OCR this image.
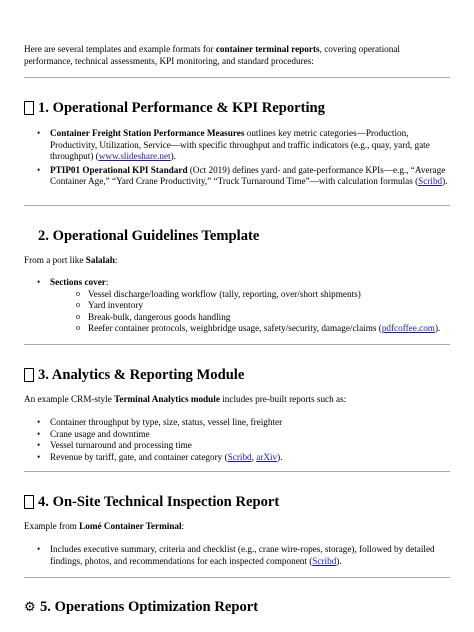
Here are several templates and example formats for container terminal reports, covering operational performance, technical assessments, KPI monitoring, and standard procedures:

1. Operational Performance & KPI Reporting
• Container Freight Station Performance Measures outlines key metric categories—Production, Productivity, Utilization, Service—with specific throughput and traffic indicators (e.g., quay, yard, gate throughput) (www.slideshare.net).
• PTIP01 Operational KPI Standard (Oct 2019) defines yard- and gate-performance KPIs—e.g., “Average Container Age,” “Yard Crane Productivity,” “Truck Turnaround Time”—with calculation formulas (Scribd).
2. Operational Guidelines Template

From a port like Salalah:

• Sections cover:
o Vessel discharge/loading workflow (tally, reporting, over/short shipments)
o Yard inventory
o Break-bulk, dangerous goods handling
o Reefer container protocols, weighbridge usage, safety/security, damage/claims (pdfcoffee.com).
3. Analytics & Reporting Module

An example CRM-style Terminal Analytics module includes pre-built reports such as:

• Container throughput by type, size, status, vessel line, freighter
• Crane usage and downtime
• Vessel turnaround and processing time
• Revenue by tariff, gate, and container category (Scribd, arXiv).
4. On-Site Technical Inspection Report

Example from Lomé Container Terminal:

• Includes executive summary, criteria and checklist (e.g., crane wire-ropes, storage), followed by detailed findings, photos, and recommendations for each inspected component (Scribd).
⚙ 5. Operations Optimization Report
